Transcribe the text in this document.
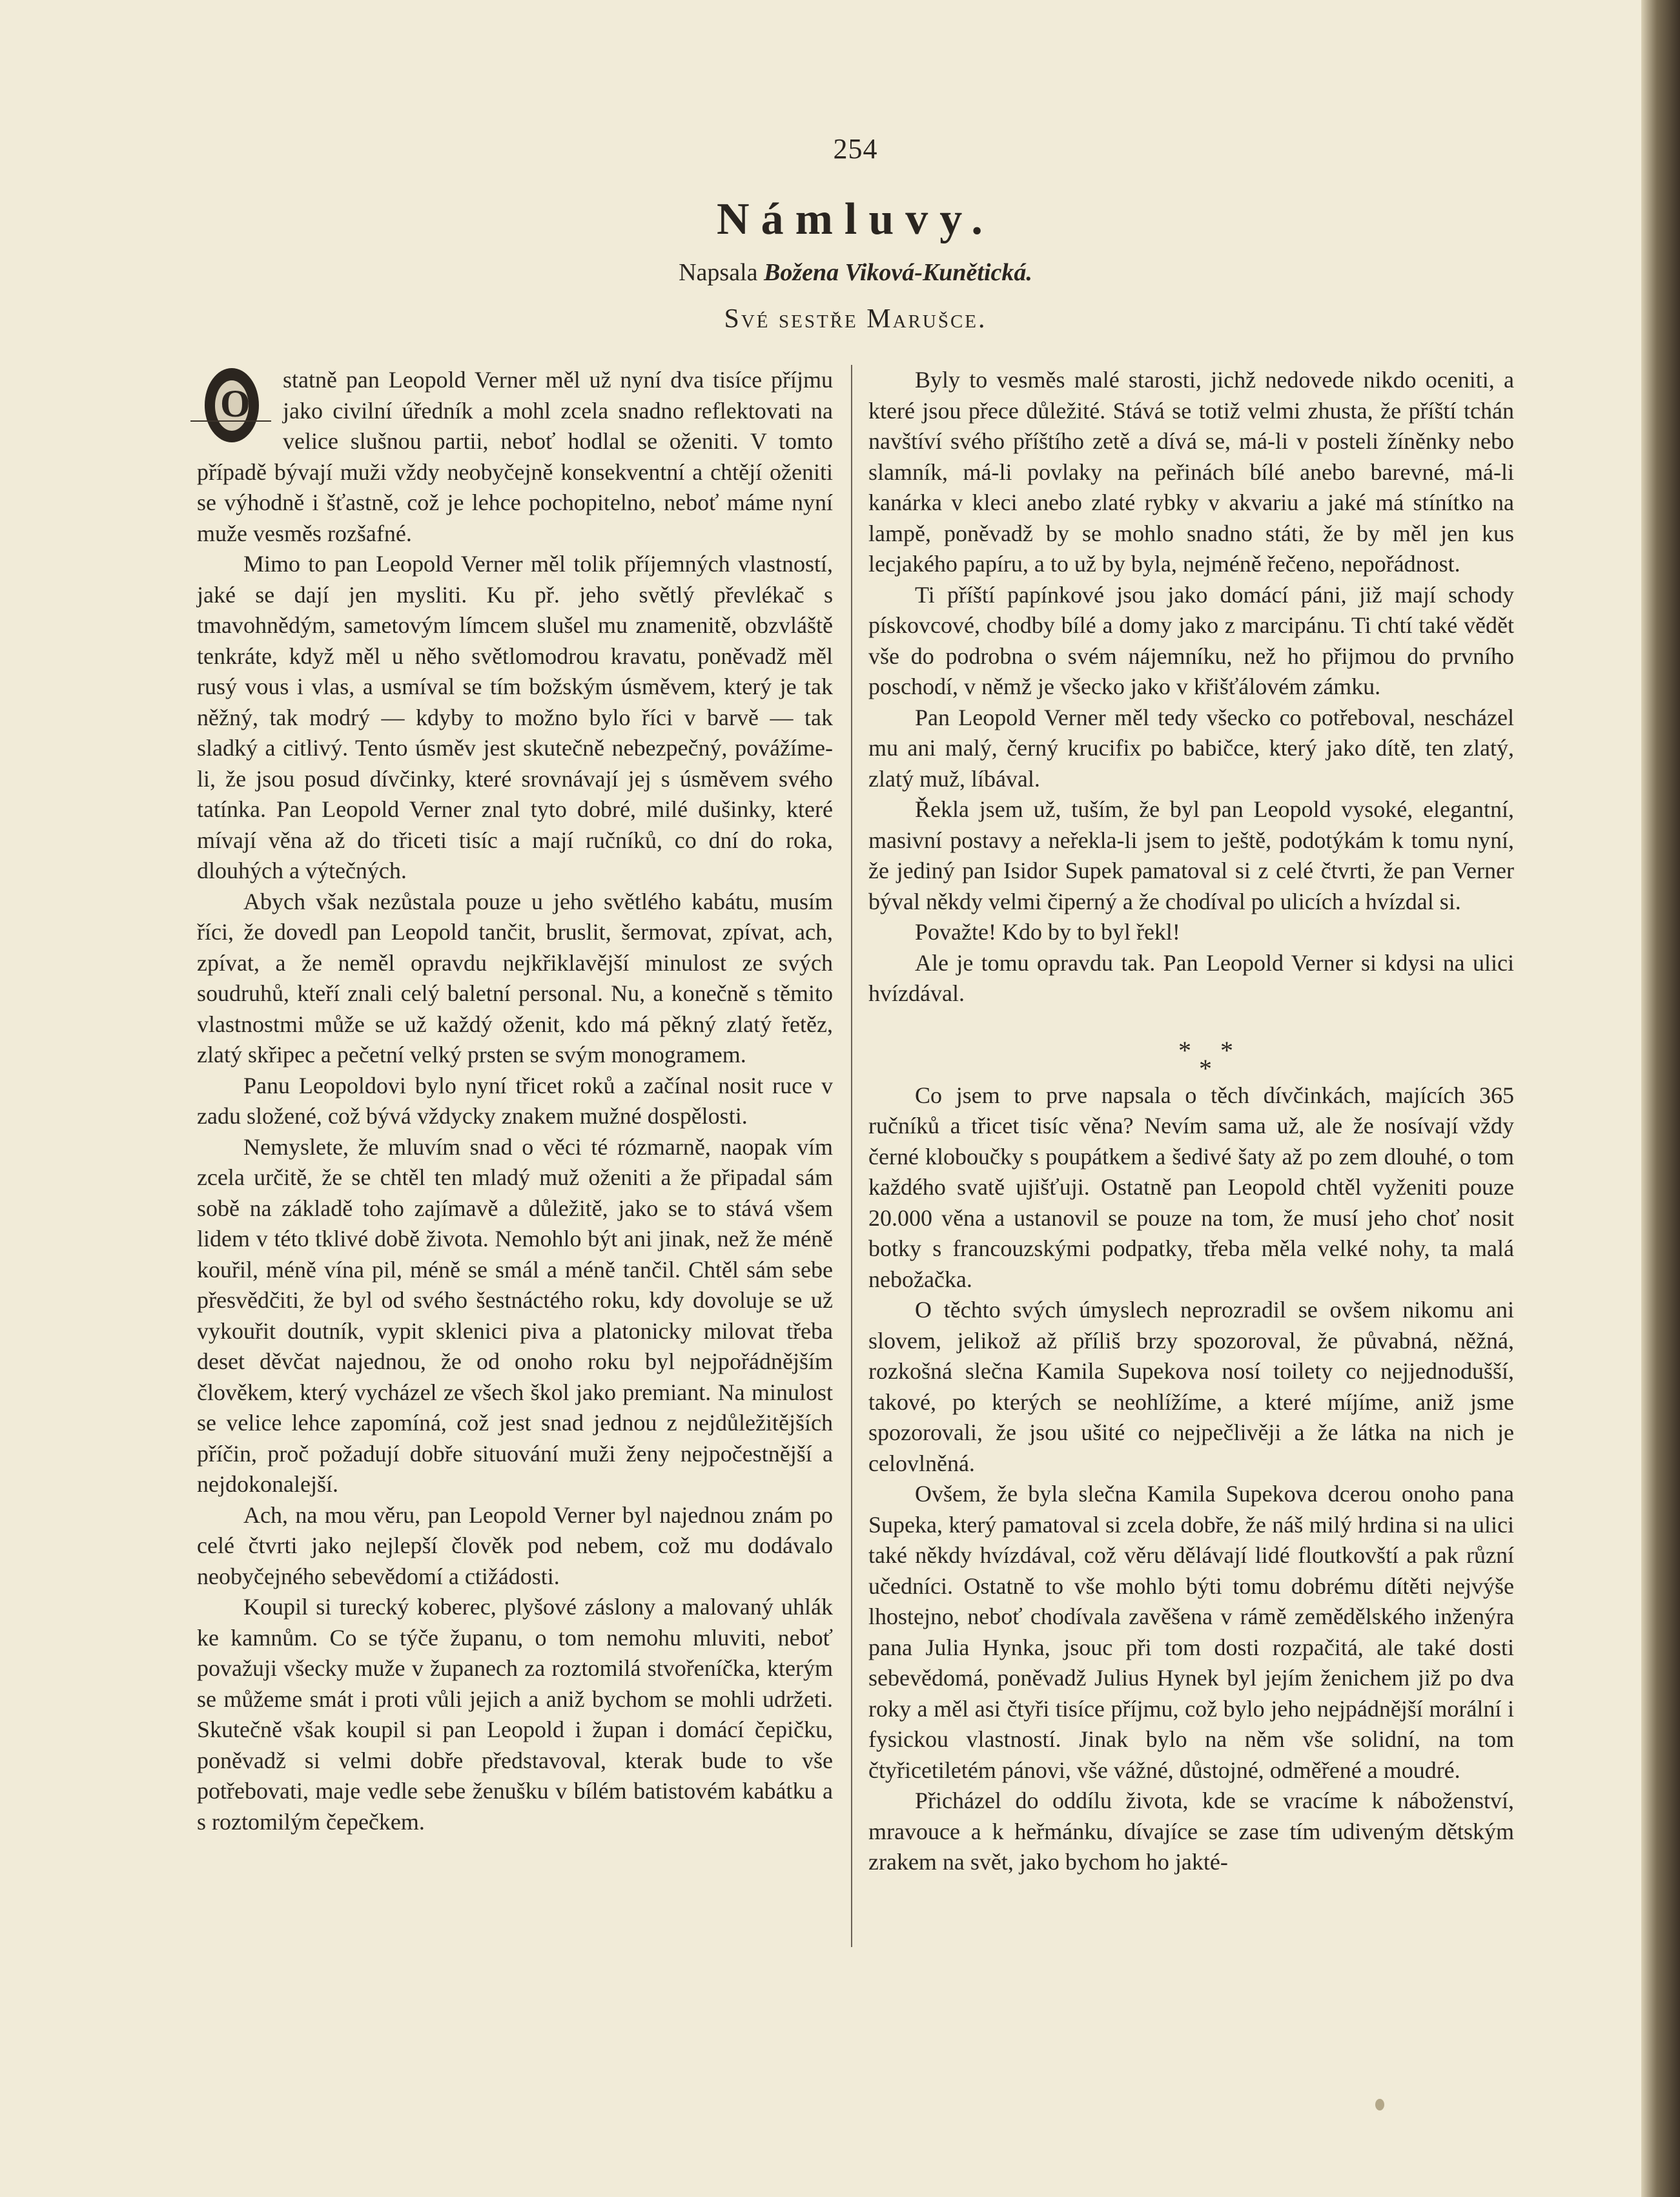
254
Námluvy.
Napsala Božena Viková-Kunětická.
Své sestře Marušce.

O
statně pan Leopold Verner měl už nyní dva tisíce příjmu jako civilní úředník a mohl zcela snadno reflektovati na velice slušnou partii, neboť hodlal se oženiti. V tomto případě bývají muži vždy neobyčejně konsekventní a chtějí oženiti se výhodně i šťastně, což je lehce pochopitelno, neboť máme nyní muže vesměs rozšafné.

Mimo to pan Leopold Verner měl tolik příjemných vlastností, jaké se dají jen mysliti. Ku př. jeho světlý převlékač s tmavohnědým, sametovým límcem slušel mu znamenitě, obzvláště tenkráte, když měl u něho světlomodrou kravatu, poněvadž měl rusý vous i vlas, a usmíval se tím božským úsměvem, který je tak něžný, tak modrý — kdyby to možno bylo říci v barvě — tak sladký a citlivý. Tento úsměv jest skutečně nebezpečný, povážíme-li, že jsou posud dívčinky, které srovnávají jej s úsměvem svého tatínka. Pan Leopold Verner znal tyto dobré, milé dušinky, které mívají věna až do třiceti tisíc a mají ručníků, co dní do roka, dlouhých a výtečných.

Abych však nezůstala pouze u jeho světlého kabátu, musím říci, že dovedl pan Leopold tančit, bruslit, šermovat, zpívat, ach, zpívat, a že neměl opravdu nejkřiklavější minulost ze svých soudruhů, kteří znali celý baletní personal. Nu, a konečně s těmito vlastnostmi může se už každý oženit, kdo má pěkný zlatý řetěz, zlatý skřipec a pečetní velký prsten se svým monogramem.

Panu Leopoldovi bylo nyní třicet roků a začínal nosit ruce v zadu složené, což bývá vždycky znakem mužné dospělosti.

Nemyslete, že mluvím snad o věci té rózmarně, naopak vím zcela určitě, že se chtěl ten mladý muž oženiti a že připadal sám sobě na základě toho zajímavě a důležitě, jako se to stává všem lidem v této tklivé době života. Nemohlo být ani jinak, než že méně kouřil, méně vína pil, méně se smál a méně tančil. Chtěl sám sebe přesvědčiti, že byl od svého šestnáctého roku, kdy dovoluje se už vykouřit doutník, vypit sklenici piva a platonicky milovat třeba deset děvčat najednou, že od onoho roku byl nejpořádnějším člověkem, který vycházel ze všech škol jako premiant. Na minulost se velice lehce zapomíná, což jest snad jednou z nejdůležitějších příčin, proč požadují dobře situování muži ženy nejpočestnější a nejdokonalejší.

Ach, na mou věru, pan Leopold Verner byl najednou znám po celé čtvrti jako nejlepší člověk pod nebem, což mu dodávalo neobyčejného sebevědomí a ctižádosti.

Koupil si turecký koberec, plyšové záslony a malovaný uhlák ke kamnům. Co se týče županu, o tom nemohu mluviti, neboť považuji všecky muže v županech za roztomilá stvořeníčka, kterým se můžeme smát i proti vůli jejich a aniž bychom se mohli udržeti. Skutečně však koupil si pan Leopold i župan i domácí čepičku, poněvadž si velmi dobře představoval, kterak bude to vše potřebovati, maje vedle sebe ženušku v bílém batistovém kabátku a s roztomilým čepečkem.

Byly to vesměs malé starosti, jichž nedovede nikdo oceniti, a které jsou přece důležité. Stává se totiž velmi zhusta, že příští tchán navštíví svého příštího zetě a dívá se, má-li v posteli žíněnky nebo slamník, má-li povlaky na peřinách bílé anebo barevné, má-li kanárka v kleci anebo zlaté rybky v akvariu a jaké má stínítko na lampě, poněvadž by se mohlo snadno státi, že by měl jen kus lecjakého papíru, a to už by byla, nejméně řečeno, nepořádnost.

Ti příští papínkové jsou jako domácí páni, již mají schody pískovcové, chodby bílé a domy jako z marcipánu. Ti chtí také vědět vše do podrobna o svém nájemníku, než ho přijmou do prvního poschodí, v němž je všecko jako v křišťálovém zámku.

Pan Leopold Verner měl tedy všecko co potřeboval, nescházel mu ani malý, černý krucifix po babičce, který jako dítě, ten zlatý, zlatý muž, líbával.

Řekla jsem už, tuším, že byl pan Leopold vysoké, elegantní, masivní postavy a neřekla-li jsem to ještě, podotýkám k tomu nyní, že jediný pan Isidor Supek pamatoval si z celé čtvrti, že pan Verner býval někdy velmi čiperný a že chodíval po ulicích a hvízdal si.

Považte! Kdo by to byl řekl!

Ale je tomu opravdu tak. Pan Leopold Verner si kdysi na ulici hvízdával.

* *
*

Co jsem to prve napsala o těch dívčinkách, majících 365 ručníků a třicet tisíc věna? Nevím sama už, ale že nosívají vždy černé kloboučky s poupátkem a šedivé šaty až po zem dlouhé, o tom každého svatě ujišťuji. Ostatně pan Leopold chtěl vyženiti pouze 20.000 věna a ustanovil se pouze na tom, že musí jeho choť nosit botky s francouzskými podpatky, třeba měla velké nohy, ta malá nebožačka.

O těchto svých úmyslech neprozradil se ovšem nikomu ani slovem, jelikož až příliš brzy spozoroval, že půvabná, něžná, rozkošná slečna Kamila Supekova nosí toilety co nejjednodušší, takové, po kterých se neohlížíme, a které míjíme, aniž jsme spozorovali, že jsou ušité co nejpečlivěji a že látka na nich je celovlněná.

Ovšem, že byla slečna Kamila Supekova dcerou onoho pana Supeka, který pamatoval si zcela dobře, že náš milý hrdina si na ulici také někdy hvízdával, což věru dělávají lidé floutkovští a pak různí učedníci. Ostatně to vše mohlo býti tomu dobrému dítěti nejvýše lhostejno, neboť chodívala zavěšena v rámě zemědělského inženýra pana Julia Hynka, jsouc při tom dosti rozpačitá, ale také dosti sebevědomá, poněvadž Julius Hynek byl jejím ženichem již po dva roky a měl asi čtyři tisíce příjmu, což bylo jeho nejpádnější morální i fysickou vlastností. Jinak bylo na něm vše solidní, na tom čtyřicetiletém pánovi, vše vážné, důstojné, odměřené a moudré.

Přicházel do oddílu života, kde se vracíme k náboženství, mravouce a k heřmánku, dívajíce se zase tím udiveným dětským zrakem na svět, jako bychom ho jakté-
